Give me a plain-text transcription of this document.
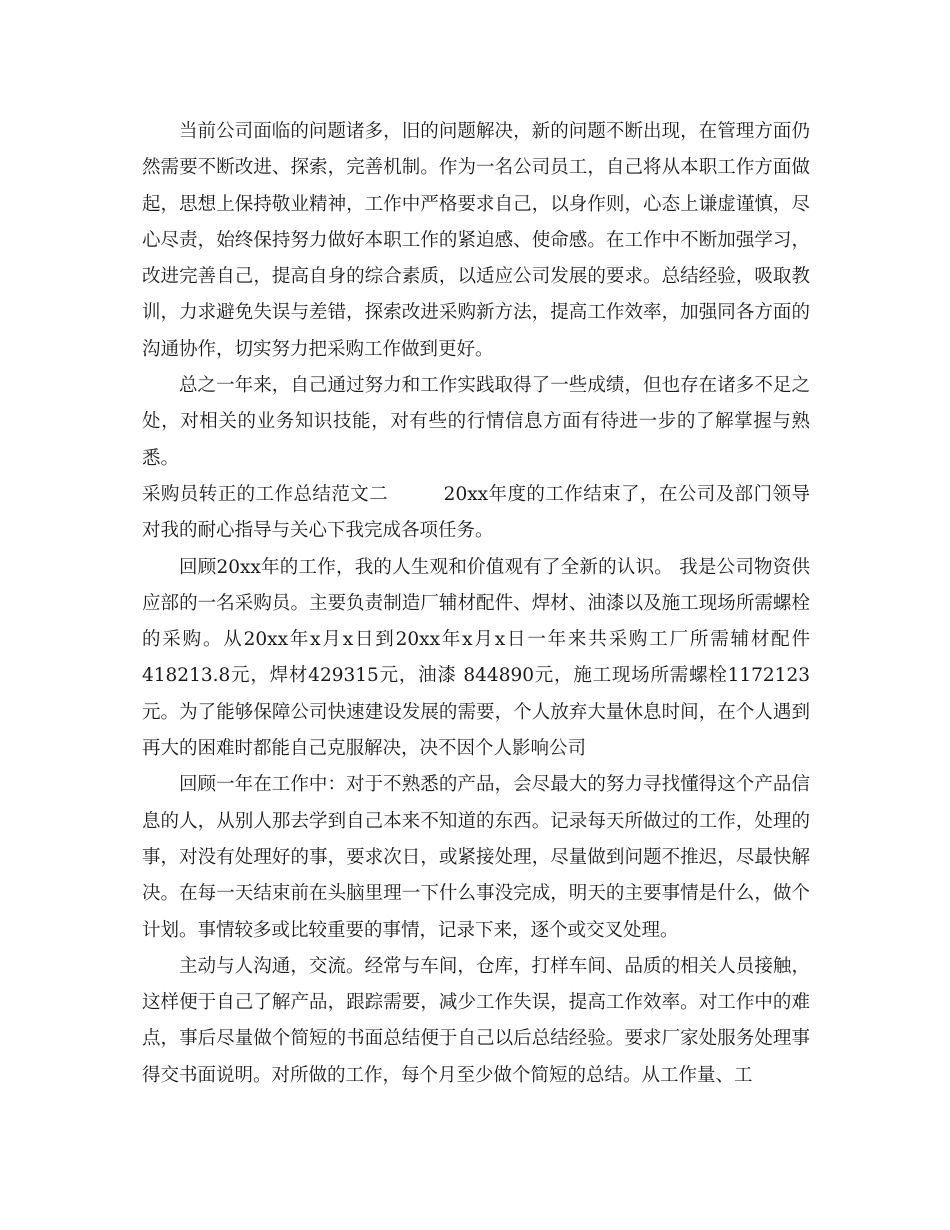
当前公司面临的问题诸多，旧的问题解决，新的问题不断出现，在管理方面仍然需要不断改进、探索，完善机制。作为一名公司员工，自己将从本职工作方面做起，思想上保持敬业精神，工作中严格要求自己，以身作则，心态上谦虚谨慎，尽心尽责，始终保持努力做好本职工作的紧迫感、使命感。在工作中不断加强学习，改进完善自己，提高自身的综合素质，以适应公司发展的要求。总结经验，吸取教训，力求避免失误与差错，探索改进采购新方法，提高工作效率，加强同各方面的沟通协作，切实努力把采购工作做到更好。

总之一年来，自己通过努力和工作实践取得了一些成绩，但也存在诸多不足之处，对相关的业务知识技能，对有些的行情信息方面有待进一步的了解掌握与熟悉。

采购员转正的工作总结范文二	20xx年度的工作结束了，在公司及部门领导对我的耐心指导与关心下我完成各项任务。

回顾20xx年的工作，我的人生观和价值观有了全新的认识。 我是公司物资供应部的一名采购员。主要负责制造厂辅材配件、焊材、油漆以及施工现场所需螺栓的采购。从20xx年x月x日到20xx年x月x日一年来共采购工厂所需辅材配件418213.8元，焊材429315元，油漆 844890元，施工现场所需螺栓1172123元。为了能够保障公司快速建设发展的需要，个人放弃大量休息时间，在个人遇到再大的困难时都能自己克服解决，决不因个人影响公司

回顾一年在工作中：对于不熟悉的产品，会尽最大的努力寻找懂得这个产品信息的人，从别人那去学到自己本来不知道的东西。记录每天所做过的工作，处理的事，对没有处理好的事，要求次日，或紧接处理，尽量做到问题不推迟，尽最快解决。在每一天结束前在头脑里理一下什么事没完成，明天的主要事情是什么，做个计划。事情较多或比较重要的事情，记录下来，逐个或交叉处理。

主动与人沟通，交流。经常与车间，仓库，打样车间、品质的相关人员接触，这样便于自己了解产品，跟踪需要，减少工作失误，提高工作效率。对工作中的难点，事后尽量做个简短的书面总结便于自己以后总结经验。要求厂家处服务处理事得交书面说明。对所做的工作，每个月至少做个简短的总结。从工作量、工
